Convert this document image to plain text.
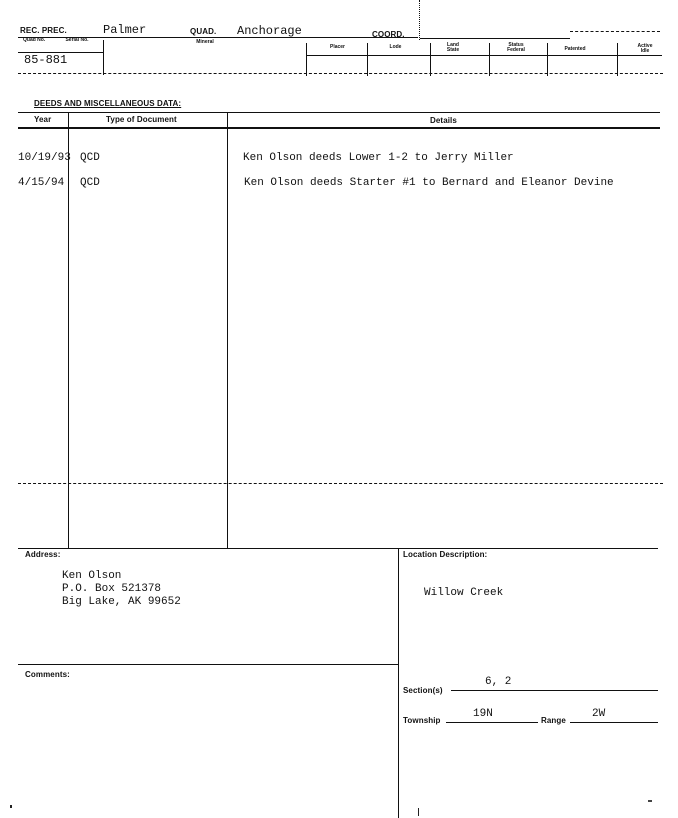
REC. PREC.	Palmer	QUAD. Anchorage	COORD.
Quad No.	Serial No.	Mineral
Placer	Lode	Land State
Status Federal	Patented	Active Idle
85-881
DEEDS AND MISCELLANEOUS DATA:
Year	Type of Document	Details
10/19/93 QCD	Ken Olson deeds Lower 1-2 to Jerry Miller
4/15/94 QCD	Ken Olson deeds Starter #1 to Bernard and Eleanor Devine
Address:
Ken Olson
P.O. Box 521378
Big Lake, AK 99652
Location Description:
Willow Creek
Comments:
Section(s)
6, 2
Township
19N
Range
2W
